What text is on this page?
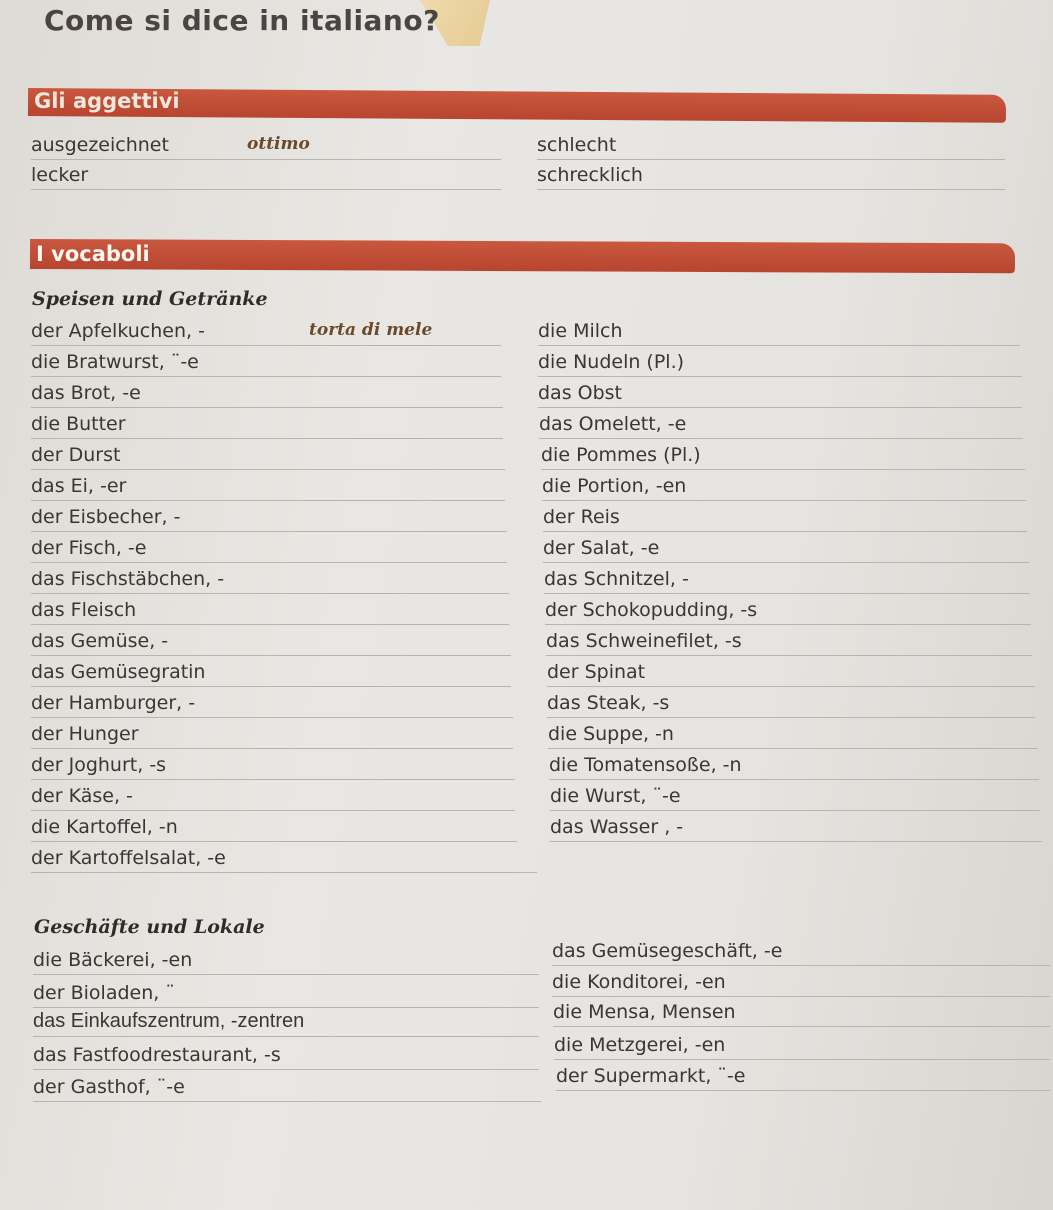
Come si dice in italiano?
Gli aggettivi
ausgezeichnet	ottimo
lecker
schlecht
schrecklich
I vocaboli
Speisen und Getränke
der Apfelkuchen, -	torta di mele
die Bratwurst, ¨-e
das Brot, -e
die Butter
der Durst
das Ei, -er
der Eisbecher, -
der Fisch, -e
das Fischstäbchen, -
das Fleisch
das Gemüse, -
das Gemüsegratin
der Hamburger, -
der Hunger
der Joghurt, -s
der Käse, -
die Kartoffel, -n
der Kartoffelsalat, -e
die Milch
die Nudeln (Pl.)
das Obst
das Omelett, -e
die Pommes (Pl.)
die Portion, -en
der Reis
der Salat, -e
das Schnitzel, -
der Schokopudding, -s
das Schweinefilet, -s
der Spinat
das Steak, -s
die Suppe, -n
die Tomatensoße, -n
die Wurst, ¨-e
das Wasser , -
Geschäfte und Lokale
die Bäckerei, -en
der Bioladen, ¨
das Einkaufszentrum, -zentren
das Fastfoodrestaurant, -s
der Gasthof, ¨-e
das Gemüsegeschäft, -e
die Konditorei, -en
die Mensa, Mensen
die Metzgerei, -en
der Supermarkt, ¨-e
